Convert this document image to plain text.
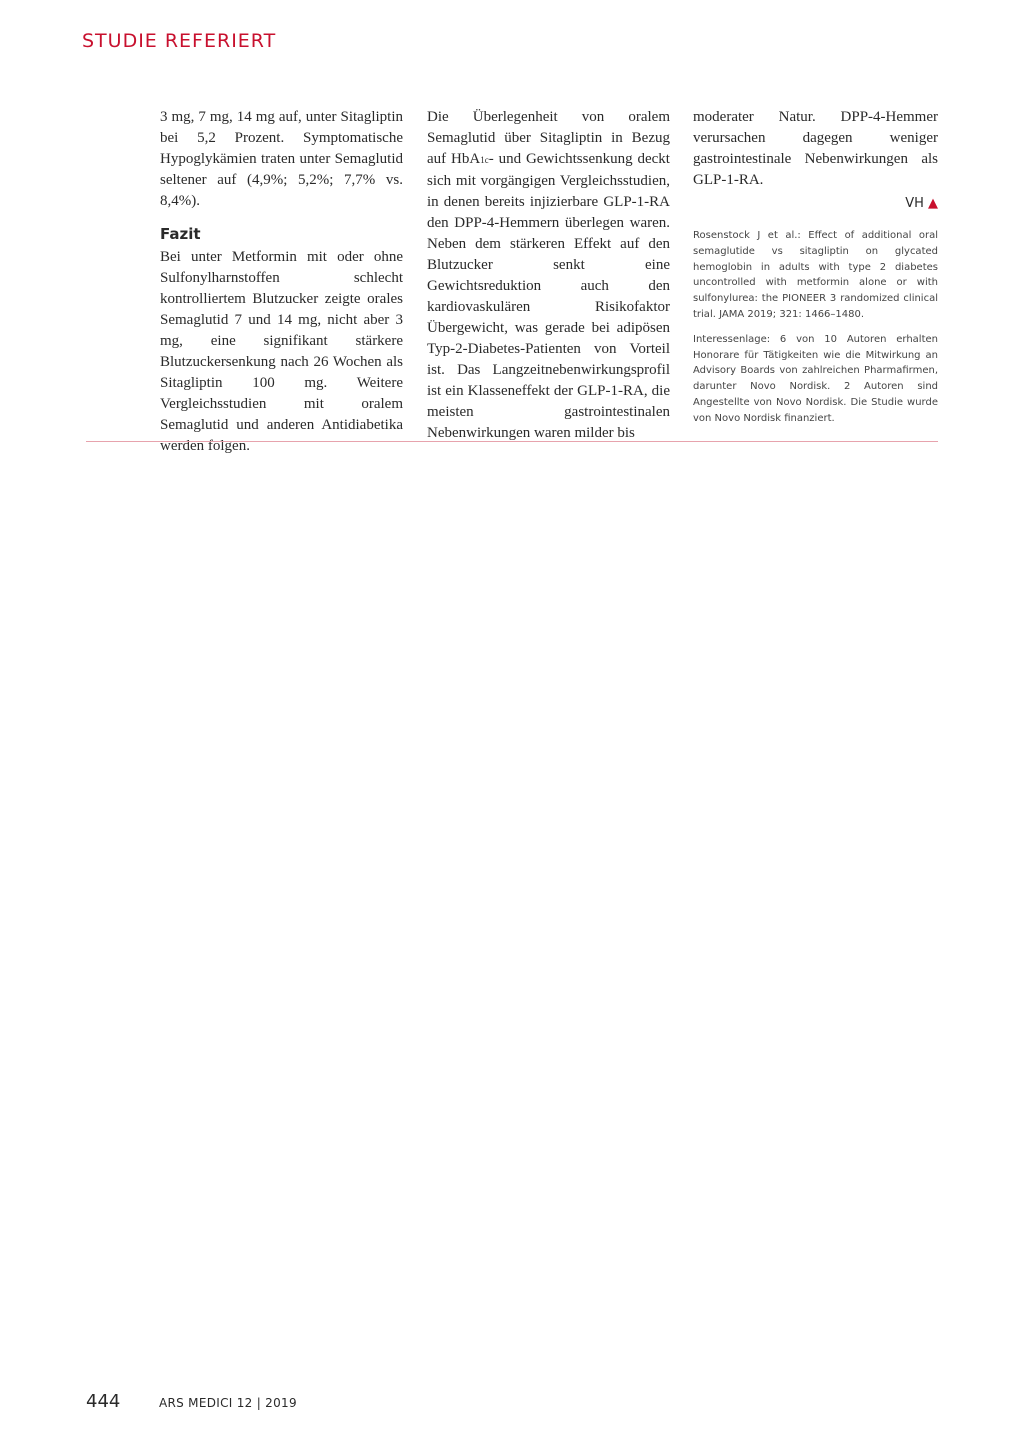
STUDIE REFERIERT

3 mg, 7 mg, 14 mg auf, unter Sitagliptin bei 5,2 Prozent. Symptomatische Hypoglykämien traten unter Semaglutid seltener auf (4,9%; 5,2%; 7,7% vs. 8,4%).

Fazit

Bei unter Metformin mit oder ohne Sulfonylharnstoffen schlecht kontrolliertem Blutzucker zeigte orales Semaglutid 7 und 14 mg, nicht aber 3 mg, eine signifikant stärkere Blutzuckersenkung nach 26 Wochen als Sitagliptin 100 mg. Weitere Vergleichsstudien mit oralem Semaglutid und anderen Antidiabetika werden folgen.

Die Überlegenheit von oralem Semaglutid über Sitagliptin in Bezug auf HbA1c- und Gewichtssenkung deckt sich mit vorgängigen Vergleichsstudien, in denen bereits injizierbare GLP-1-RA den DPP-4-Hemmern überlegen waren. Neben dem stärkeren Effekt auf den Blutzucker senkt eine Gewichtsreduktion auch den kardiovaskulären Risikofaktor Übergewicht, was gerade bei adipösen Typ-2-Diabetes-Patienten von Vorteil ist. Das Langzeitnebenwirkungsprofil ist ein Klasseneffekt der GLP-1-RA, die meisten gastrointestinalen Nebenwirkungen waren milder bis

moderater Natur. DPP-4-Hemmer verursachen dagegen weniger gastrointestinale Nebenwirkungen als GLP-1-RA.

VH ▲
Rosenstock J et al.: Effect of additional oral semaglutide vs sitagliptin on glycated hemoglobin in adults with type 2 diabetes uncontrolled with metformin alone or with sulfonylurea: the PIONEER 3 randomized clinical trial. JAMA 2019; 321: 1466–1480.
Interessenlage: 6 von 10 Autoren erhalten Honorare für Tätigkeiten wie die Mitwirkung an Advisory Boards von zahlreichen Pharmafirmen, darunter Novo Nordisk. 2 Autoren sind Angestellte von Novo Nordisk. Die Studie wurde von Novo Nordisk finanziert.
444	ARS MEDICI 12 | 2019
